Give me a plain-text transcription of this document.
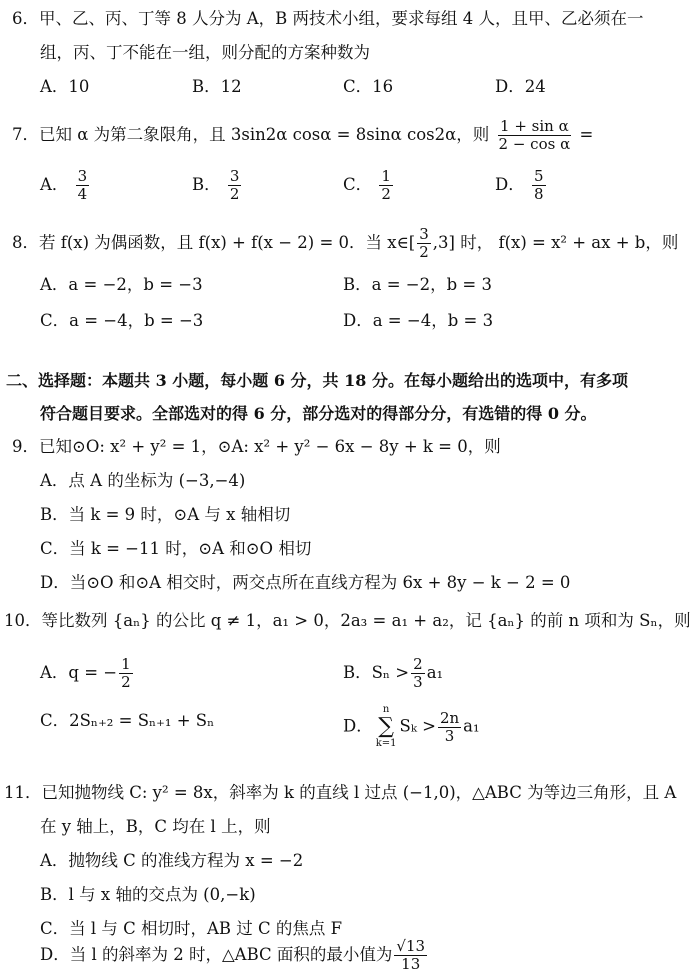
6．甲、乙、丙、丁等 8 人分为 A，B 两技术小组，要求每组 4 人，且甲、乙必须在一
组，丙、丁不能在一组，则分配的方案种数为
A．10	B．12	C．16	D．24
7．已知 α 为第二象限角，且 3sin2α cosα = 8sinα cos2α，则 $\frac{\text{1 + sin α}}{\text{2 − cos α}}$ =
A． $\frac{3}{4}$	B． $\frac{3}{2}$	C． $\frac{1}{2}$	D． $\frac{5}{8}$
8．若 f(x) 为偶函数，且 f(x) + f(x − 2) = 0．当 x∈[ $\frac{3}{2} ,3$] 时， f(x) = x² + ax + b，则
A．a = −2，b = −3	B．a = −2，b = 3
C．a = −4，b = −3	D．a = −4，b = 3
二、选择题：本题共 3 小题，每小题 6 分，共 18 分。在每小题给出的选项中，有多项
符合题目要求。全部选对的得 6 分，部分选对的得部分分，有选错的得 0 分。
9．已知⊙O: x² + y² = 1，⊙A: x² + y² − 6x − 8y + k = 0，则
A．点 A 的坐标为 (−3,−4)
B．当 k = 9 时，⊙A 与 x 轴相切
C．当 k = −11 时，⊙A 和⊙O 相切
D．当⊙O 和⊙A 相交时，两交点所在直线方程为 6x + 8y − k − 2 = 0
10．等比数列 {aₙ} 的公比 q ≠ 1，a₁ > 0，2a₃ = a₁ + a₂，记 {aₙ} 的前 n 项和为 Sₙ，则
A．q = − $\frac{1}{2}$	B．$S_n > \frac{2}{3} a_1$
C．2Sₙ₊₂ = Sₙ₊₁ + Sₙ	D．
n
∑
k=1
$S_k > \frac{2n}{3} a_1$
11．已知抛物线 C: y² = 8x，斜率为 k 的直线 l 过点 (−1,0)，△ABC 为等边三角形，且 A
在 y 轴上，B，C 均在 l 上，则
A．抛物线 C 的准线方程为 x = −2
B．l 与 x 轴的交点为 (0,−k)
C．当 l 与 C 相切时，AB 过 C 的焦点 F
D．当 l 的斜率为 2 时，△ABC 面积的最小值为 $\frac{√13}{13}$
